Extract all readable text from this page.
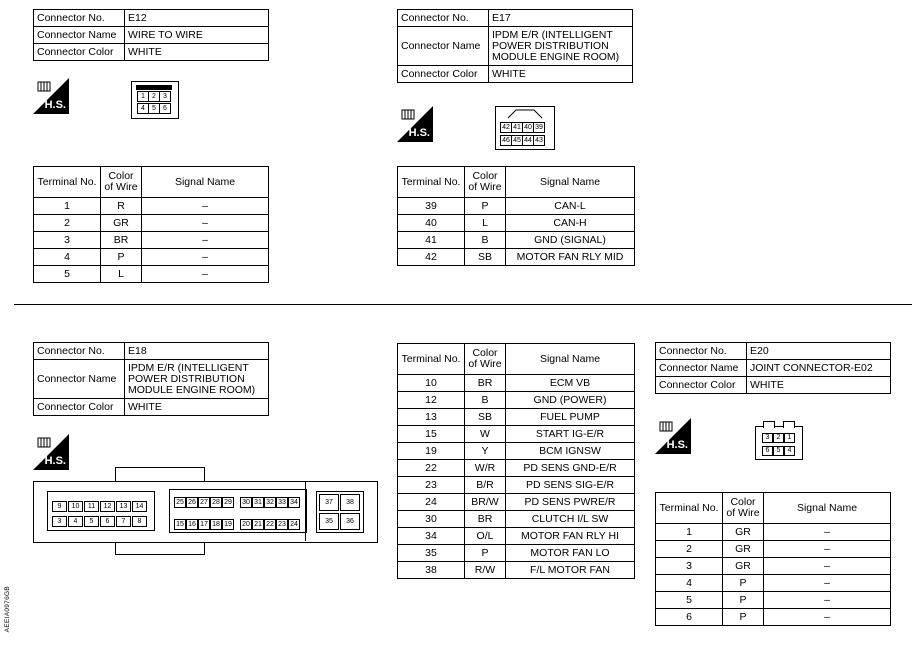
Connector No.	E12
Connector Name	WIRE TO WIRE
Connector Color	WHITE
H.S.
1	2	3
4	5	6
Terminal No.	Color of Wire	Signal Name
1	R	–
2	GR	–
3	BR	–
4	P	–
5	L	–
Connector No.	E17
Connector Name	IPDM E/R (INTELLIGENT POWER DISTRIBUTION MODULE ENGINE ROOM)
Connector Color	WHITE
H.S.	42 41 40 39
46 45 44 43
Terminal No.	Color of Wire	Signal Name
39	P	CAN-L
40	L	CAN-H
41	B	GND (SIGNAL)
42	SB	MOTOR FAN RLY MID
Connector No.	E18
Connector Name	IPDM E/R (INTELLIGENT POWER DISTRIBUTION MODULE ENGINE ROOM)
Connector Color	WHITE
H.S.
9	10	11	12	13	14
3	4	5	6	7	8
25 26 27 28 29	30 31 32 33 34
15 16 17 18 19	20 21 22 23 24
37	38
35	36
Terminal No.	Color of Wire	Signal Name
10	BR	ECM VB
12	B	GND (POWER)
13	SB	FUEL PUMP
15	W	START IG-E/R
19	Y	BCM IGNSW
22	W/R	PD SENS GND-E/R
23	B/R	PD SENS SIG-E/R
24	BR/W	PD SENS PWRE/R
30	BR	CLUTCH I/L SW
34	O/L	MOTOR FAN RLY HI
35	P	MOTOR FAN LO
38	R/W	F/L MOTOR FAN
Connector No.	E20
Connector Name	JOINT CONNECTOR-E02
Connector Color	WHITE
H.S.
3	2	1
6	5	4
Terminal No.	Color of Wire	Signal Name
1	GR	–
2	GR	–
3	GR	–
4	P	–
5	P	–
6	P	–
AEEIA0976GB
